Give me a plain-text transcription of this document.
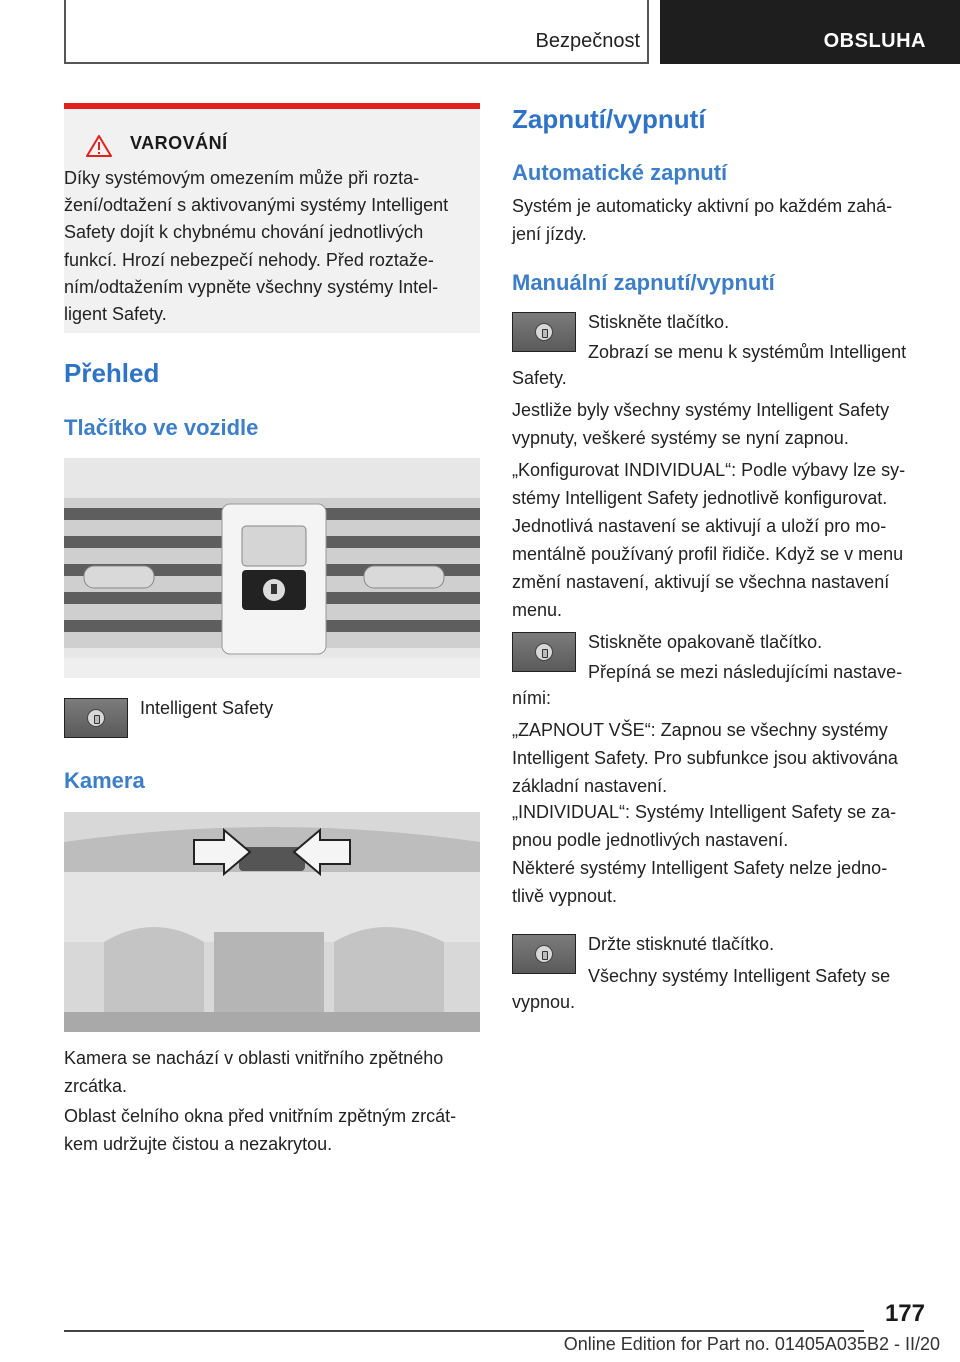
Bezpečnost	OBSLUHA
VAROVÁNÍ
Díky systémovým omezením může při rozta-
žení/odtažení s aktivovanými systémy Intelligent
Safety dojít k chybnému chování jednotlivých
funkcí. Hrozí nebezpečí nehody. Před roztaže-
ním/odtažením vypněte všechny systémy Intel-
ligent Safety.
Přehled
Tlačítko ve vozidle

Intelligent Safety

Kamera

Kamera se nachází v oblasti vnitřního zpětného
zrcátka.

Oblast čelního okna před vnitřním zpětným zrcát-
kem udržujte čistou a nezakrytou.

Zapnutí/vypnutí
Automatické zapnutí

Systém je automaticky aktivní po každém zahá-
jení jízdy.

Manuální zapnutí/vypnutí

Stiskněte tlačítko.

Zobrazí se menu k systémům Intelligent

Safety.

Jestliže byly všechny systémy Intelligent Safety
vypnuty, veškeré systémy se nyní zapnou.

„Konfigurovat INDIVIDUAL“: Podle výbavy lze sy-
stémy Intelligent Safety jednotlivě konfigurovat.
Jednotlivá nastavení se aktivují a uloží pro mo-
mentálně používaný profil řidiče. Když se v menu
změní nastavení, aktivují se všechna nastavení
menu.

Stiskněte opakovaně tlačítko.

Přepíná se mezi následujícími nastave-

ními:

„ZAPNOUT VŠE“: Zapnou se všechny systémy
Intelligent Safety. Pro subfunkce jsou aktivována
základní nastavení.

„INDIVIDUAL“: Systémy Intelligent Safety se za-
pnou podle jednotlivých nastavení.

Některé systémy Intelligent Safety nelze jedno-
tlivě vypnout.

Držte stisknuté tlačítko.

Všechny systémy Intelligent Safety se

vypnou.

177
Online Edition for Part no. 01405A035B2 - II/20
